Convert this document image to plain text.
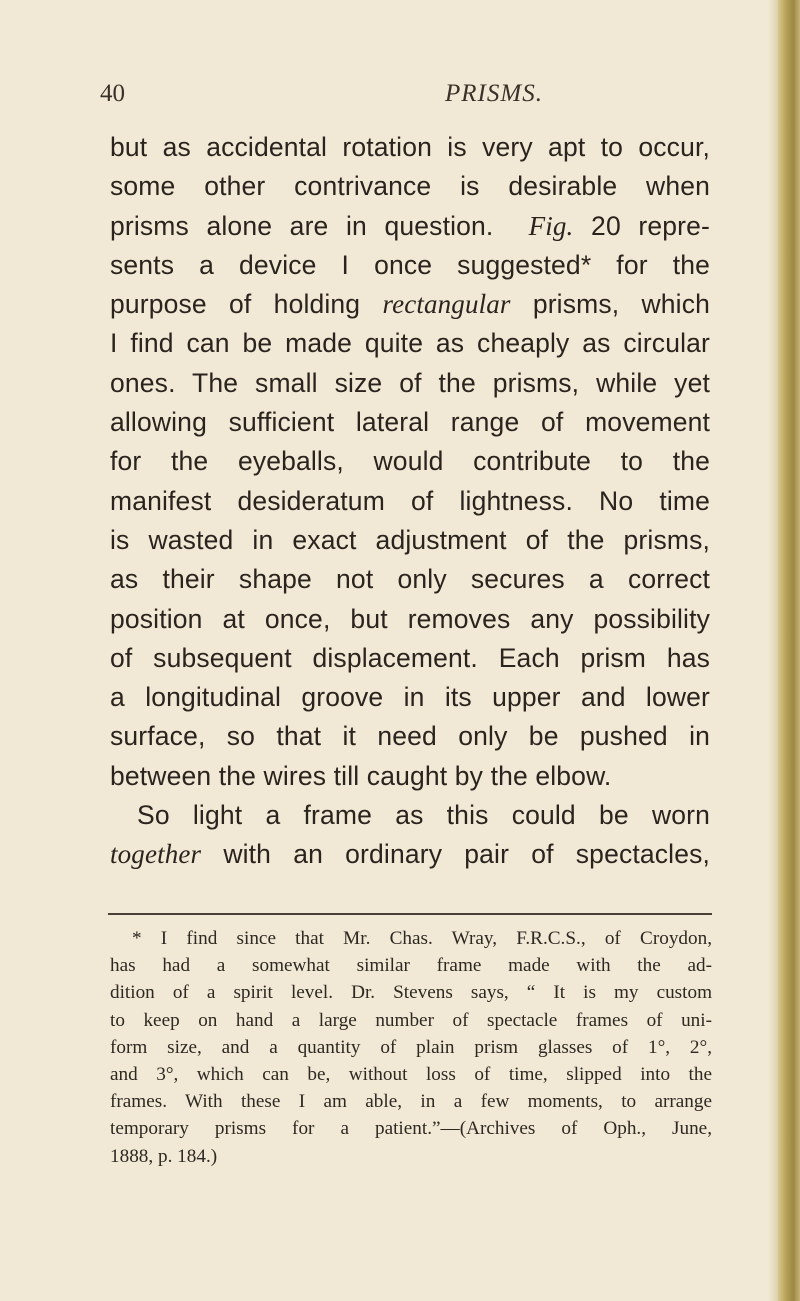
40	PRISMS.
but as accidental rotation is very apt to occur,
some other contrivance is desirable when
prisms alone are in question. Fig. 20 repre-
sents a device I once suggested* for the
purpose of holding rectangular prisms, which
I find can be made quite as cheaply as circular
ones. The small size of the prisms, while yet
allowing sufficient lateral range of movement
for the eyeballs, would contribute to the
manifest desideratum of lightness. No time
is wasted in exact adjustment of the prisms,
as their shape not only secures a correct
position at once, but removes any possibility
of subsequent displacement. Each prism has
a longitudinal groove in its upper and lower
surface, so that it need only be pushed in
between the wires till caught by the elbow.
So light a frame as this could be worn
together with an ordinary pair of spectacles,
* I find since that Mr. Chas. Wray, F.R.C.S., of Croydon,
has had a somewhat similar frame made with the ad-
dition of a spirit level. Dr. Stevens says, “ It is my custom
to keep on hand a large number of spectacle frames of uni-
form size, and a quantity of plain prism glasses of 1°, 2°,
and 3°, which can be, without loss of time, slipped into the
frames. With these I am able, in a few moments, to arrange
temporary prisms for a patient.”—(Archives of Oph., June,
1888, p. 184.)
